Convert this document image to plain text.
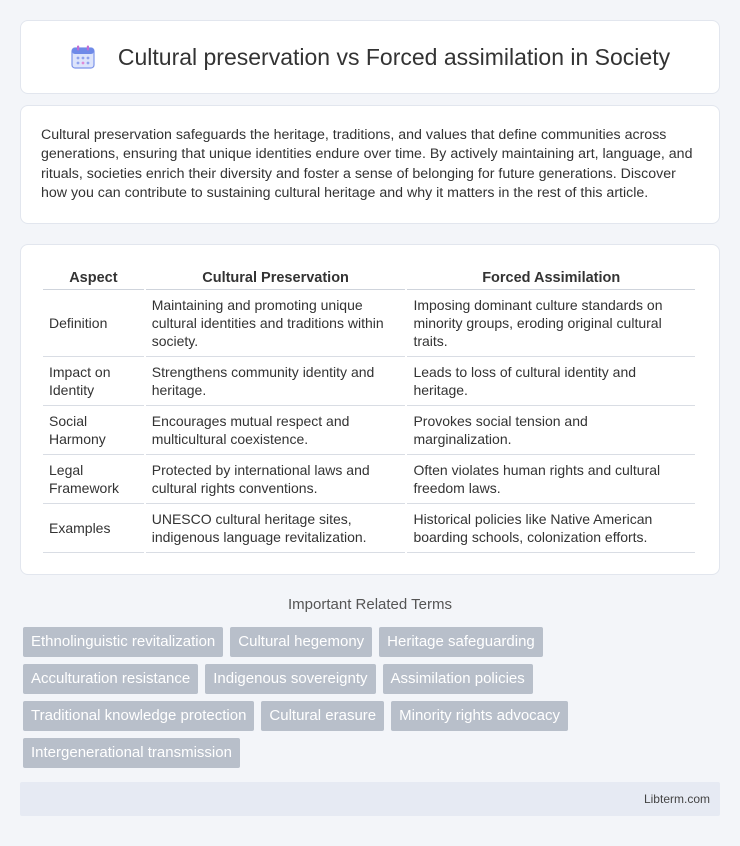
Cultural preservation vs Forced assimilation in Society

Cultural preservation safeguards the heritage, traditions, and values that define communities across generations, ensuring that unique identities endure over time. By actively maintaining art, language, and rituals, societies enrich their diversity and foster a sense of belonging for future generations. Discover how you can contribute to sustaining cultural heritage and why it matters in the rest of this article.

Aspect	Cultural Preservation	Forced Assimilation
Definition	Maintaining and promoting unique cultural identities and traditions within society.	Imposing dominant culture standards on minority groups, eroding original cultural traits.
Impact on Identity	Strengthens community identity and heritage.	Leads to loss of cultural identity and heritage.
Social Harmony	Encourages mutual respect and multicultural coexistence.	Provokes social tension and marginalization.
Legal Framework	Protected by international laws and cultural rights conventions.	Often violates human rights and cultural freedom laws.
Examples	UNESCO cultural heritage sites, indigenous language revitalization.	Historical policies like Native American boarding schools, colonization efforts.
Important Related Terms
Ethnolinguistic revitalization	Cultural hegemony	Heritage safeguarding
Acculturation resistance	Indigenous sovereignty	Assimilation policies
Traditional knowledge protection	Cultural erasure	Minority rights advocacy
Intergenerational transmission
Libterm.com
